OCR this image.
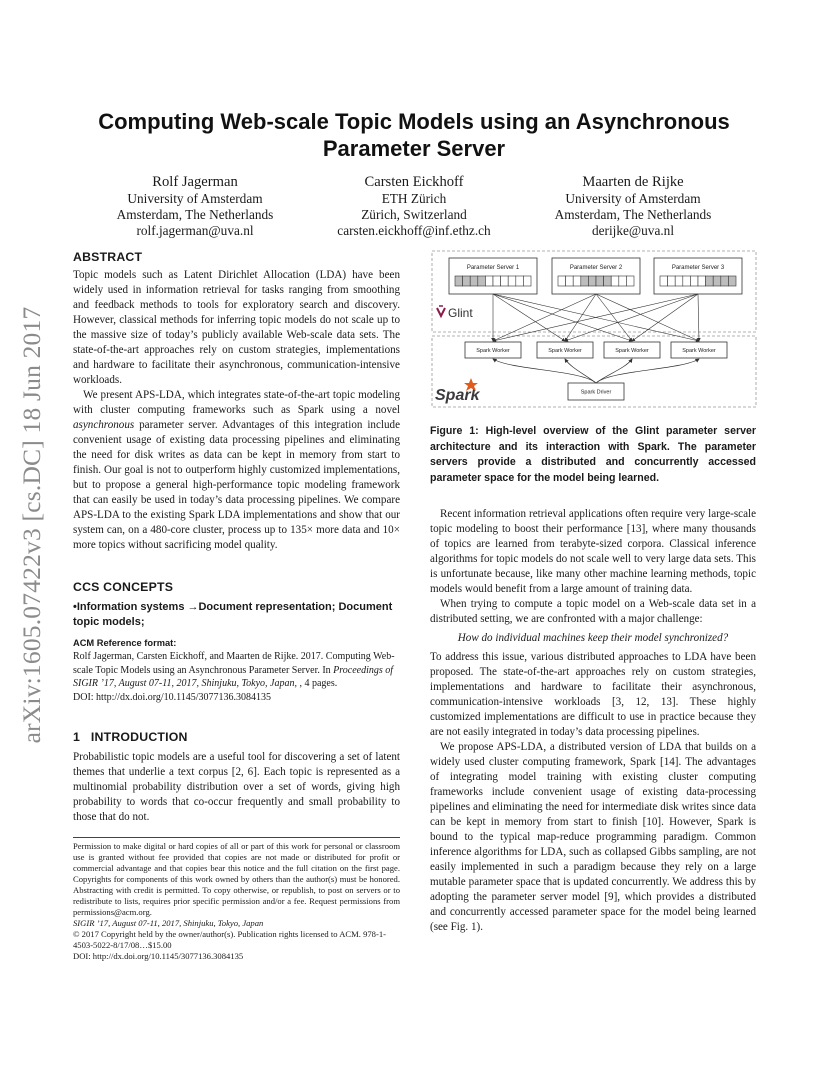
arXiv:1605.07422v3 [cs.DC] 18 Jun 2017
Computing Web-scale Topic Models using an Asynchronous
Parameter Server
Rolf Jagerman
University of Amsterdam
Amsterdam, The Netherlands
rolf.jagerman@uva.nl
Carsten Eickhoff
ETH Zürich
Zürich, Switzerland
carsten.eickhoff@inf.ethz.ch
Maarten de Rijke
University of Amsterdam
Amsterdam, The Netherlands
derijke@uva.nl
ABSTRACT

Topic models such as Latent Dirichlet Allocation (LDA) have been widely used in information retrieval for tasks ranging from smoothing and feedback methods to tools for exploratory search and discovery. However, classical methods for inferring topic models do not scale up to the massive size of today’s publicly available Web-scale data sets. The state-of-the-art approaches rely on custom strategies, implementations and hardware to facilitate their asynchronous, communication-intensive workloads.

We present APS-LDA, which integrates state-of-the-art topic modeling with cluster computing frameworks such as Spark using a novel asynchronous parameter server. Advantages of this integration include convenient usage of existing data processing pipelines and eliminating the need for disk writes as data can be kept in memory from start to finish. Our goal is not to outperform highly customized implementations, but to propose a general high-performance topic modeling framework that can easily be used in today’s data processing pipelines. We compare APS-LDA to the existing Spark LDA implementations and show that our system can, on a 480-core cluster, process up to 135× more data and 10× more topics without sacrificing model quality.

CCS CONCEPTS
•Information systems →Document representation; Document
topic models;
ACM Reference format:

Rolf Jagerman, Carsten Eickhoff, and Maarten de Rijke. 2017. Computing Web-scale Topic Models using an Asynchronous Parameter Server. In Proceedings of SIGIR ’17, August 07-11, 2017, Shinjuku, Tokyo, Japan, , 4 pages.
DOI: http://dx.doi.org/10.1145/3077136.3084135

1 INTRODUCTION

Probabilistic topic models are a useful tool for discovering a set of latent themes that underlie a text corpus [2, 6]. Each topic is represented as a multinomial probability distribution over a set of words, giving high probability to words that co-occur frequently and small probability to those that do not.

Permission to make digital or hard copies of all or part of this work for personal or classroom use is granted without fee provided that copies are not made or distributed for profit or commercial advantage and that copies bear this notice and the full citation on the first page. Copyrights for components of this work owned by others than the author(s) must be honored. Abstracting with credit is permitted. To copy otherwise, or republish, to post on servers or to redistribute to lists, requires prior specific permission and/or a fee. Request permissions from permissions@acm.org.

SIGIR ’17, August 07-11, 2017, Shinjuku, Tokyo, Japan

© 2017 Copyright held by the owner/author(s). Publication rights licensed to ACM. 978-1-4503-5022-8/17/08…$15.00

DOI: http://dx.doi.org/10.1145/3077136.3084135

Parameter Server 1	Parameter Server 2	Parameter Server 3
Glint
Spark Worker	Spark Worker	Spark Worker	Spark Worker
Spark Driver
Spark

Figure 1: High-level overview of the Glint parameter server architecture and its interaction with Spark. The parameter servers provide a distributed and concurrently accessed parameter space for the model being learned.

Recent information retrieval applications often require very large-scale topic modeling to boost their performance [13], where many thousands of topics are learned from terabyte-sized corpora. Classical inference algorithms for topic models do not scale well to very large data sets. This is unfortunate because, like many other machine learning methods, topic models would benefit from a large amount of training data.

When trying to compute a topic model on a Web-scale data set in a distributed setting, we are confronted with a major challenge:

How do individual machines keep their model synchronized?

To address this issue, various distributed approaches to LDA have been proposed. The state-of-the-art approaches rely on custom strategies, implementations and hardware to facilitate their asynchronous, communication-intensive workloads [3, 12, 13]. These highly customized implementations are difficult to use in practice because they are not easily integrated in today’s data processing pipelines.

We propose APS-LDA, a distributed version of LDA that builds on a widely used cluster computing framework, Spark [14]. The advantages of integrating model training with existing cluster computing frameworks include convenient usage of existing data-processing pipelines and eliminating the need for intermediate disk writes since data can be kept in memory from start to finish [10]. However, Spark is bound to the typical map-reduce programming paradigm. Common inference algorithms for LDA, such as collapsed Gibbs sampling, are not easily implemented in such a paradigm because they rely on a large mutable parameter space that is updated concurrently. We address this by adopting the parameter server model [9], which provides a distributed and concurrently accessed parameter space for the model being learned (see Fig. 1).
